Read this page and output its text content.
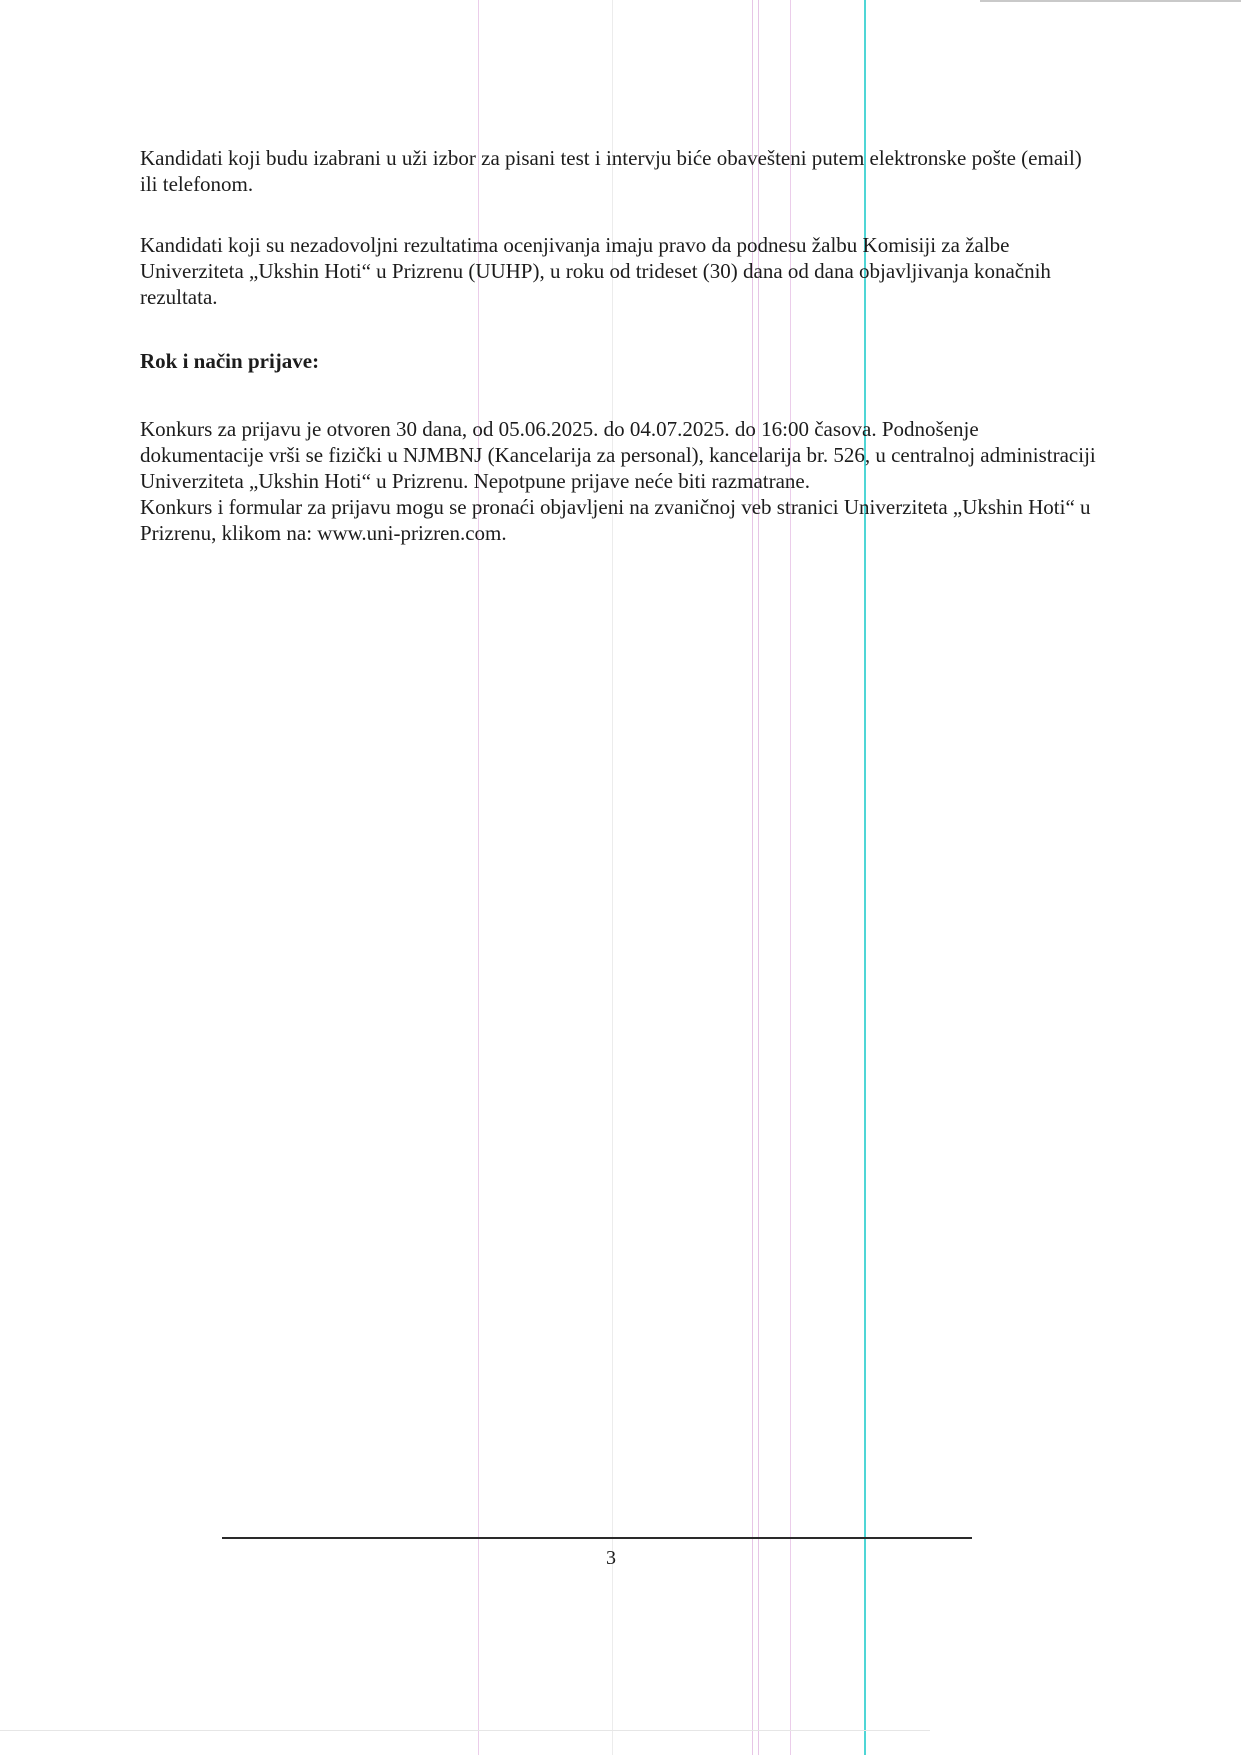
Kandidati koji budu izabrani u uži izbor za pisani test i intervju biće obavešteni putem elektronske pošte (email) ili telefonom.

Kandidati koji su nezadovoljni rezultatima ocenjivanja imaju pravo da podnesu žalbu Komisiji za žalbe Univerziteta „Ukshin Hoti“ u Prizrenu (UUHP), u roku od trideset (30) dana od dana objavljivanja konačnih rezultata.

Rok i način prijave:

Konkurs za prijavu je otvoren 30 dana, od 05.06.2025. do 04.07.2025. do 16:00 časova. Podnošenje dokumentacije vrši se fizički u NJMBNJ (Kancelarija za personal), kancelarija br. 526, u centralnoj administraciji Univerziteta „Ukshin Hoti“ u Prizrenu. Nepotpune prijave neće biti razmatrane.

Konkurs i formular za prijavu mogu se pronaći objavljeni na zvaničnoj veb stranici Univerziteta „Ukshin Hoti“ u Prizrenu, klikom na: www.uni-prizren.com.

3
